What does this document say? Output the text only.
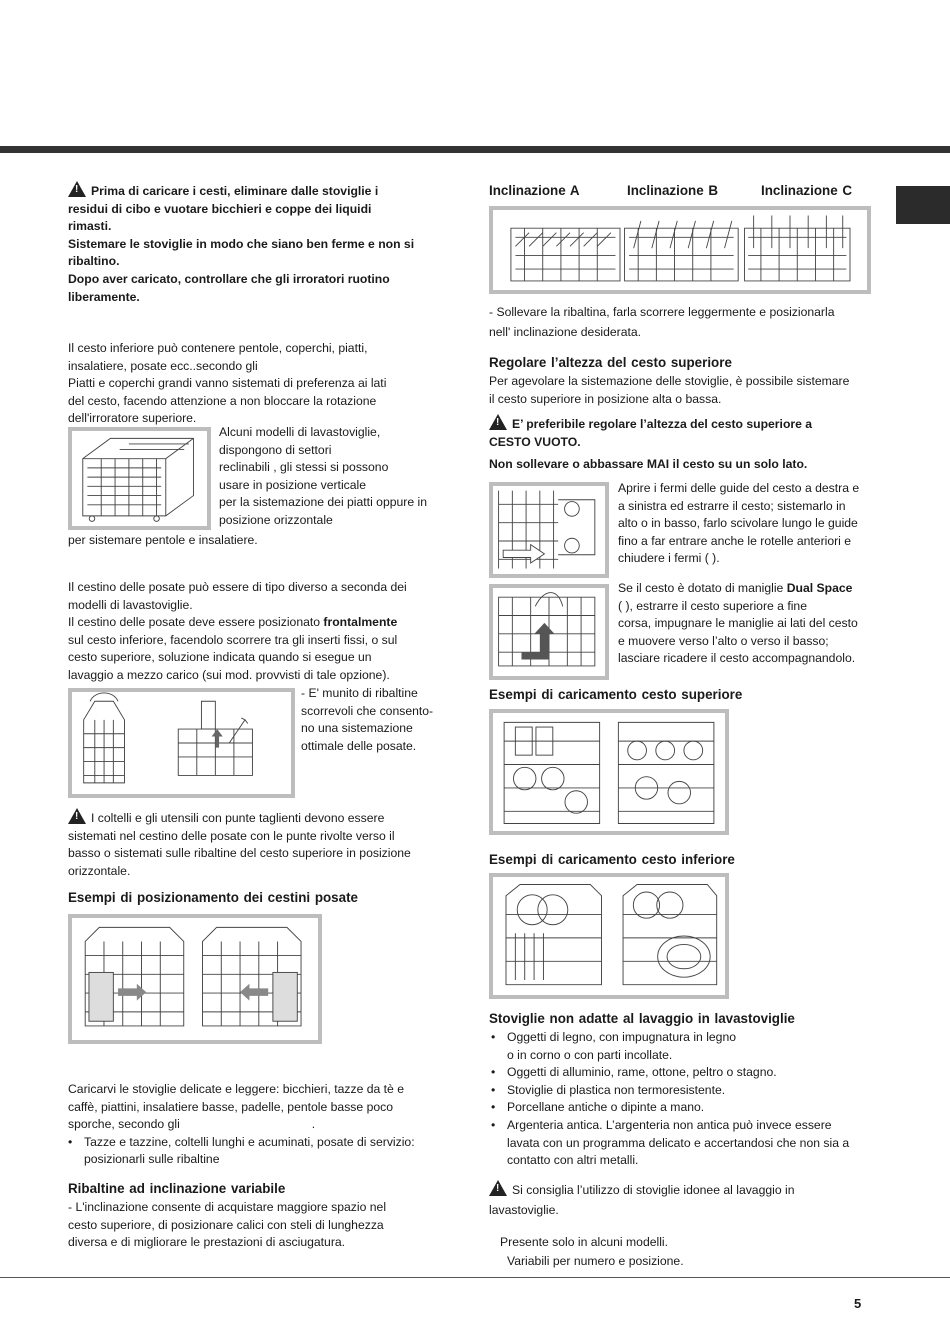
!Prima di caricare i cesti, eliminare dalle stoviglie i
residui di cibo e vuotare bicchieri e coppe dei liquidi
rimasti.
Sistemare le stoviglie in modo che siano ben ferme e non si
ribaltino.
Dopo aver caricato, controllare che gli irroratori ruotino
liberamente.
Il cesto inferiore può contenere pentole, coperchi, piatti,
insalatiere, posate ecc..secondo gli
Piatti e coperchi grandi vanno sistemati di preferenza ai lati
del cesto, facendo attenzione a non bloccare la rotazione
dell'irroratore superiore.
Alcuni modelli di lavastoviglie,
dispongono di settori
reclinabili , gli stessi si possono
usare in posizione verticale
per la sistemazione dei piatti oppure in
posizione orizzontale
per sistemare pentole e insalatiere.
Il cestino delle posate può essere di tipo diverso a seconda dei
modelli di lavastoviglie.
Il cestino delle posate deve essere posizionato frontalmente
sul cesto inferiore, facendolo scorrere tra gli inserti fissi, o sul
cesto superiore, soluzione indicata quando si esegue un
lavaggio a mezzo carico (sui mod. provvisti di tale opzione).
- E' munito di ribaltine
scorrevoli che consento-
no una sistemazione
ottimale delle posate.
!I coltelli e gli utensili con punte taglienti devono essere
sistemati nel cestino delle posate con le punte rivolte verso il
basso o sistemati sulle ribaltine del cesto superiore in posizione
orizzontale.
Esempi di posizionamento dei cestini posate
Caricarvi le stoviglie delicate e leggere: bicchieri, tazze da tè e
caffè, piattini, insalatiere basse, padelle, pentole basse poco
sporche, secondo gli	.
• Tazze e tazzine, coltelli lunghi e acuminati, posate di servizio:
posizionarli sulle ribaltine
Ribaltine ad inclinazione variabile
- L'inclinazione consente di acquistare maggiore spazio nel
cesto superiore, di posizionare calici con steli di lunghezza
diversa e di migliorare le prestazioni di asciugatura.
Inclinazione A	Inclinazione B	Inclinazione C
- Sollevare la ribaltina, farla scorrere leggermente e posizionarla
nell' inclinazione desiderata.
Regolare l’altezza del cesto superiore
Per agevolare la sistemazione delle stoviglie, è possibile sistemare
il cesto superiore in posizione alta o bassa.
!E’ preferibile regolare l’altezza del cesto superiore a
CESTO VUOTO.
Non sollevare o abbassare MAI il cesto su un solo lato.
Aprire i fermi delle guide del cesto a destra e
a sinistra ed estrarre il cesto; sistemarlo in
alto o in basso, farlo scivolare lungo le guide
fino a far entrare anche le rotelle anteriori e
chiudere i fermi ( ).
Se il cesto è dotato di maniglie Dual Space
( ), estrarre il cesto superiore a fine
corsa, impugnare le maniglie ai lati del cesto
e muovere verso l’alto o verso il basso;
lasciare ricadere il cesto accompagnandolo.
Esempi di caricamento cesto superiore
Esempi di caricamento cesto inferiore
Stoviglie non adatte al lavaggio in lavastoviglie
• Oggetti di legno, con impugnatura in legno
o in corno o con parti incollate.
• Oggetti di alluminio, rame, ottone, peltro o stagno.
• Stoviglie di plastica non termoresistente.
• Porcellane antiche o dipinte a mano.
• Argenteria antica. L’argenteria non antica può invece essere
lavata con un programma delicato e accertandosi che non sia a
contatto con altri metalli.
!Si consiglia l’utilizzo di stoviglie idonee al lavaggio in
lavastoviglie.
Presente solo in alcuni modelli.
Variabili per numero e posizione.
5
